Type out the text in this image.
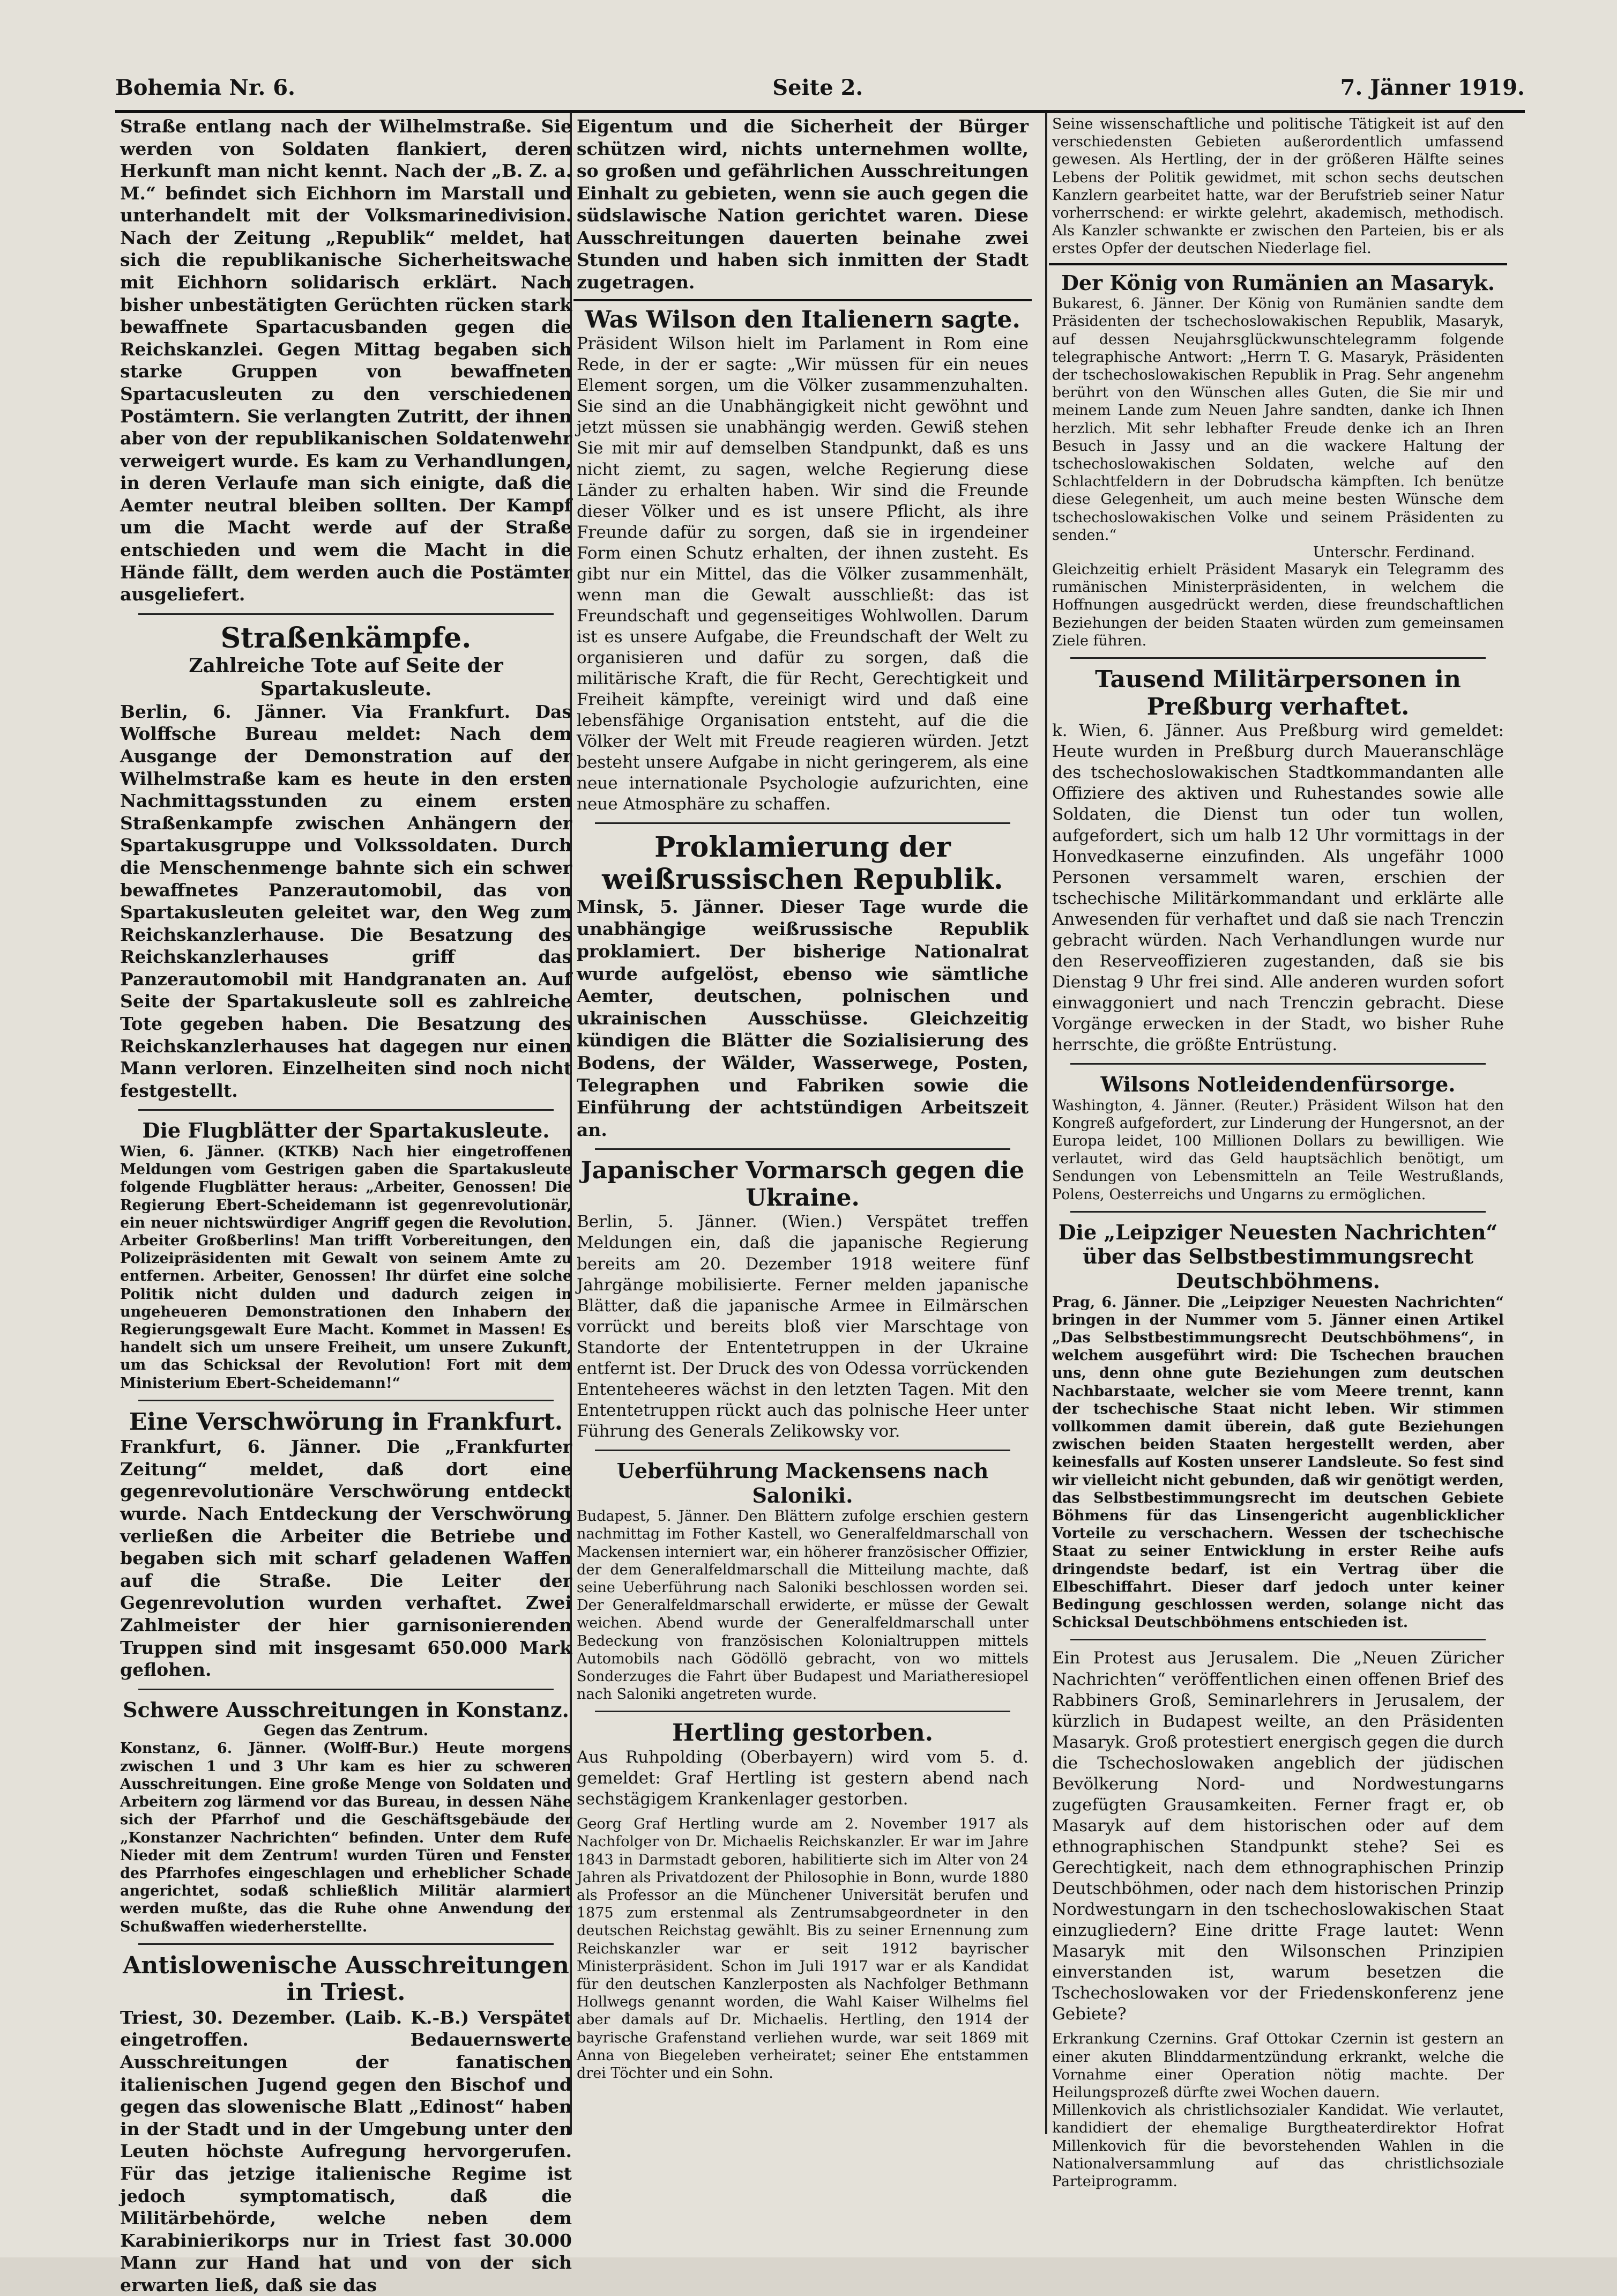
Bohemia Nr. 6.	Seite 2.	7. Jänner 1919.

Straße entlang nach der Wilhelmstraße. Sie werden von Soldaten flankiert, deren Herkunft man nicht kennt. Nach der „B. Z. a. M.“ befindet sich Eichhorn im Marstall und unterhandelt mit der Volksmarinedivision. Nach der Zeitung „Republik“ meldet, hat sich die republikanische Sicherheitswache mit Eichhorn solidarisch erklärt. Nach bisher unbestätigten Gerüchten rücken stark bewaffnete Spartacusbanden gegen die Reichskanzlei. Gegen Mittag begaben sich starke Gruppen von bewaffneten Spartacusleuten zu den verschiedenen Postämtern. Sie verlangten Zutritt, der ihnen aber von der republikanischen Soldatenwehr verweigert wurde. Es kam zu Verhandlungen, in deren Verlaufe man sich einigte, daß die Aemter neutral bleiben sollten. Der Kampf um die Macht werde auf der Straße entschieden und wem die Macht in die Hände fällt, dem werden auch die Postämter ausgeliefert.

Straßenkämpfe.
Zahlreiche Tote auf Seite der Spartakusleute.

Berlin, 6. Jänner. Via Frankfurt. Das Wolffsche Bureau meldet: Nach dem Ausgange der Demonstration auf der Wilhelmstraße kam es heute in den ersten Nachmittagsstunden zu einem ersten Straßenkampfe zwischen Anhängern der Spartakusgruppe und Volkssoldaten. Durch die Menschenmenge bahnte sich ein schwer bewaffnetes Panzerautomobil, das von Spartakusleuten geleitet war, den Weg zum Reichskanzlerhause. Die Besatzung des Reichskanzlerhauses griff das Panzerautomobil mit Handgranaten an. Auf Seite der Spartakusleute soll es zahlreiche Tote gegeben haben. Die Besatzung des Reichskanzlerhauses hat dagegen nur einen Mann verloren. Einzelheiten sind noch nicht festgestellt.

Die Flugblätter der Spartakusleute.

Wien, 6. Jänner. (KTKB) Nach hier eingetroffenen Meldungen vom Gestrigen gaben die Spartakusleute folgende Flugblätter heraus: „Arbeiter, Genossen! Die Regierung Ebert-Scheidemann ist gegenrevolutionär, ein neuer nichtswürdiger Angriff gegen die Revolution. Arbeiter Großberlins! Man trifft Vorbereitungen, den Polizeipräsidenten mit Gewalt von seinem Amte zu entfernen. Arbeiter, Genossen! Ihr dürfet eine solche Politik nicht dulden und dadurch zeigen in ungeheueren Demonstrationen den Inhabern der Regierungsgewalt Eure Macht. Kommet in Massen! Es handelt sich um unsere Freiheit, um unsere Zukunft, um das Schicksal der Revolution! Fort mit dem Ministerium Ebert-Scheidemann!“

Eine Verschwörung in Frankfurt.

Frankfurt, 6. Jänner. Die „Frankfurter Zeitung“ meldet, daß dort eine gegenrevolutionäre Verschwörung entdeckt wurde. Nach Entdeckung der Verschwörung verließen die Arbeiter die Betriebe und begaben sich mit scharf geladenen Waffen auf die Straße. Die Leiter der Gegenrevolution wurden verhaftet. Zwei Zahlmeister der hier garnisonierenden Truppen sind mit insgesamt 650.000 Mark geflohen.

Schwere Ausschreitungen in Konstanz.
Gegen das Zentrum.

Konstanz, 6. Jänner. (Wolff-Bur.) Heute morgens zwischen 1 und 3 Uhr kam es hier zu schweren Ausschreitungen. Eine große Menge von Soldaten und Arbeitern zog lärmend vor das Bureau, in dessen Nähe sich der Pfarrhof und die Geschäftsgebäude der „Konstanzer Nachrichten“ befinden. Unter dem Rufe Nieder mit dem Zentrum! wurden Türen und Fenster des Pfarrhofes eingeschlagen und erheblicher Schade angerichtet, sodaß schließlich Militär alarmiert werden mußte, das die Ruhe ohne Anwendung der Schußwaffen wiederherstellte.

Antislowenische Ausschreitungen in Triest.

Triest, 30. Dezember. (Laib. K.-B.) Verspätet eingetroffen. Bedauernswerte Ausschreitungen der fanatischen italienischen Jugend gegen den Bischof und gegen das slowenische Blatt „Edinost“ haben in der Stadt und in der Umgebung unter den Leuten höchste Aufregung hervorgerufen. Für das jetzige italienische Regime ist jedoch symptomatisch, daß die Militärbehörde, welche neben dem Karabinierikorps nur in Triest fast 30.000 Mann zur Hand hat und von der sich erwarten ließ, daß sie das

Eigentum und die Sicherheit der Bürger schützen wird, nichts unternehmen wollte, so großen und gefährlichen Ausschreitungen Einhalt zu gebieten, wenn sie auch gegen die südslawische Nation gerichtet waren. Diese Ausschreitungen dauerten beinahe zwei Stunden und haben sich inmitten der Stadt zugetragen.

Was Wilson den Italienern sagte.

Präsident Wilson hielt im Parlament in Rom eine Rede, in der er sagte: „Wir müssen für ein neues Element sorgen, um die Völker zusammenzuhalten. Sie sind an die Unabhängigkeit nicht gewöhnt und jetzt müssen sie unabhängig werden. Gewiß stehen Sie mit mir auf demselben Standpunkt, daß es uns nicht ziemt, zu sagen, welche Regierung diese Länder zu erhalten haben. Wir sind die Freunde dieser Völker und es ist unsere Pflicht, als ihre Freunde dafür zu sorgen, daß sie in irgendeiner Form einen Schutz erhalten, der ihnen zusteht. Es gibt nur ein Mittel, das die Völker zusammenhält, wenn man die Gewalt ausschließt: das ist Freundschaft und gegenseitiges Wohlwollen. Darum ist es unsere Aufgabe, die Freundschaft der Welt zu organisieren und dafür zu sorgen, daß die militärische Kraft, die für Recht, Gerechtigkeit und Freiheit kämpfte, vereinigt wird und daß eine lebensfähige Organisation entsteht, auf die die Völker der Welt mit Freude reagieren würden. Jetzt besteht unsere Aufgabe in nicht geringerem, als eine neue internationale Psychologie aufzurichten, eine neue Atmosphäre zu schaffen.

Proklamierung der weißrussischen Republik.

Minsk, 5. Jänner. Dieser Tage wurde die unabhängige weißrussische Republik proklamiert. Der bisherige Nationalrat wurde aufgelöst, ebenso wie sämtliche Aemter, deutschen, polnischen und ukrainischen Ausschüsse. Gleichzeitig kündigen die Blätter die Sozialisierung des Bodens, der Wälder, Wasserwege, Posten, Telegraphen und Fabriken sowie die Einführung der achtstündigen Arbeitszeit an.

Japanischer Vormarsch gegen die Ukraine.

Berlin, 5. Jänner. (Wien.) Verspätet treffen Meldungen ein, daß die japanische Regierung bereits am 20. Dezember 1918 weitere fünf Jahrgänge mobilisierte. Ferner melden japanische Blätter, daß die japanische Armee in Eilmärschen vorrückt und bereits bloß vier Marschtage von Standorte der Ententetruppen in der Ukraine entfernt ist. Der Druck des von Odessa vorrückenden Ententeheeres wächst in den letzten Tagen. Mit den Ententetruppen rückt auch das polnische Heer unter Führung des Generals Zelikowsky vor.

Ueberführung Mackensens nach Saloniki.

Budapest, 5. Jänner. Den Blättern zufolge erschien gestern nachmittag im Fother Kastell, wo Generalfeldmarschall von Mackensen interniert war, ein höherer französischer Offizier, der dem Generalfeldmarschall die Mitteilung machte, daß seine Ueberführung nach Saloniki beschlossen worden sei. Der Generalfeldmarschall erwiderte, er müsse der Gewalt weichen. Abend wurde der Generalfeldmarschall unter Bedeckung von französischen Kolonialtruppen mittels Automobils nach Gödöllö gebracht, von wo mittels Sonderzuges die Fahrt über Budapest und Mariatheresiopel nach Saloniki angetreten wurde.

Hertling gestorben.

Aus Ruhpolding (Oberbayern) wird vom 5. d. gemeldet: Graf Hertling ist gestern abend nach sechstägigem Krankenlager gestorben.

Georg Graf Hertling wurde am 2. November 1917 als Nachfolger von Dr. Michaelis Reichskanzler. Er war im Jahre 1843 in Darmstadt geboren, habilitierte sich im Alter von 24 Jahren als Privatdozent der Philosophie in Bonn, wurde 1880 als Professor an die Münchener Universität berufen und 1875 zum erstenmal als Zentrumsabgeordneter in den deutschen Reichstag gewählt. Bis zu seiner Ernennung zum Reichskanzler war er seit 1912 bayrischer Ministerpräsident. Schon im Juli 1917 war er als Kandidat für den deutschen Kanzlerposten als Nachfolger Bethmann Hollwegs genannt worden, die Wahl Kaiser Wilhelms fiel aber damals auf Dr. Michaelis. Hertling, den 1914 der bayrische Grafenstand verliehen wurde, war seit 1869 mit Anna von Biegeleben verheiratet; seiner Ehe entstammen drei Töchter und ein Sohn.

Seine wissenschaftliche und politische Tätigkeit ist auf den verschiedensten Gebieten außerordentlich umfassend gewesen. Als Hertling, der in der größeren Hälfte seines Lebens der Politik gewidmet, mit schon sechs deutschen Kanzlern gearbeitet hatte, war der Berufstrieb seiner Natur vorherrschend: er wirkte gelehrt, akademisch, methodisch. Als Kanzler schwankte er zwischen den Parteien, bis er als erstes Opfer der deutschen Niederlage fiel.

Der König von Rumänien an Masaryk.

Bukarest, 6. Jänner. Der König von Rumänien sandte dem Präsidenten der tschechoslowakischen Republik, Masaryk, auf dessen Neujahrsglückwunschtelegramm folgende telegraphische Antwort: „Herrn T. G. Masaryk, Präsidenten der tschechoslowakischen Republik in Prag. Sehr angenehm berührt von den Wünschen alles Guten, die Sie mir und meinem Lande zum Neuen Jahre sandten, danke ich Ihnen herzlich. Mit sehr lebhafter Freude denke ich an Ihren Besuch in Jassy und an die wackere Haltung der tschechoslowakischen Soldaten, welche auf den Schlachtfeldern in der Dobrudscha kämpften. Ich benütze diese Gelegenheit, um auch meine besten Wünsche dem tschechoslowakischen Volke und seinem Präsidenten zu senden.“

Unterschr. Ferdinand.

Gleichzeitig erhielt Präsident Masaryk ein Telegramm des rumänischen Ministerpräsidenten, in welchem die Hoffnungen ausgedrückt werden, diese freundschaftlichen Beziehungen der beiden Staaten würden zum gemeinsamen Ziele führen.

Tausend Militärpersonen in Preßburg verhaftet.

k. Wien, 6. Jänner. Aus Preßburg wird gemeldet: Heute wurden in Preßburg durch Maueranschläge des tschechoslowakischen Stadtkommandanten alle Offiziere des aktiven und Ruhestandes sowie alle Soldaten, die Dienst tun oder tun wollen, aufgefordert, sich um halb 12 Uhr vormittags in der Honvedkaserne einzufinden. Als ungefähr 1000 Personen versammelt waren, erschien der tschechische Militärkommandant und erklärte alle Anwesenden für verhaftet und daß sie nach Trenczin gebracht würden. Nach Verhandlungen wurde nur den Reserveoffizieren zugestanden, daß sie bis Dienstag 9 Uhr frei sind. Alle anderen wurden sofort einwaggoniert und nach Trenczin gebracht. Diese Vorgänge erwecken in der Stadt, wo bisher Ruhe herrschte, die größte Entrüstung.

Wilsons Notleidendenfürsorge.

Washington, 4. Jänner. (Reuter.) Präsident Wilson hat den Kongreß aufgefordert, zur Linderung der Hungersnot, an der Europa leidet, 100 Millionen Dollars zu bewilligen. Wie verlautet, wird das Geld hauptsächlich benötigt, um Sendungen von Lebensmitteln an Teile Westrußlands, Polens, Oesterreichs und Ungarns zu ermöglichen.

Die „Leipziger Neuesten Nachrichten“ über das Selbstbestimmungsrecht Deutschböhmens.

Prag, 6. Jänner. Die „Leipziger Neuesten Nachrichten“ bringen in der Nummer vom 5. Jänner einen Artikel „Das Selbstbestimmungsrecht Deutschböhmens“, in welchem ausgeführt wird: Die Tschechen brauchen uns, denn ohne gute Beziehungen zum deutschen Nachbarstaate, welcher sie vom Meere trennt, kann der tschechische Staat nicht leben. Wir stimmen vollkommen damit überein, daß gute Beziehungen zwischen beiden Staaten hergestellt werden, aber keinesfalls auf Kosten unserer Landsleute. So fest sind wir vielleicht nicht gebunden, daß wir genötigt werden, das Selbstbestimmungsrecht im deutschen Gebiete Böhmens für das Linsengericht augenblicklicher Vorteile zu verschachern. Wessen der tschechische Staat zu seiner Entwicklung in erster Reihe aufs dringendste bedarf, ist ein Vertrag über die Elbeschiffahrt. Dieser darf jedoch unter keiner Bedingung geschlossen werden, solange nicht das Schicksal Deutschböhmens entschieden ist.

Ein Protest aus Jerusalem. Die „Neuen Züricher Nachrichten“ veröffentlichen einen offenen Brief des Rabbiners Groß, Seminarlehrers in Jerusalem, der kürzlich in Budapest weilte, an den Präsidenten Masaryk. Groß protestiert energisch gegen die durch die Tschechoslowaken angeblich der jüdischen Bevölkerung Nord- und Nordwestungarns zugefügten Grausamkeiten. Ferner fragt er, ob Masaryk auf dem historischen oder auf dem ethnographischen Standpunkt stehe? Sei es Gerechtigkeit, nach dem ethnographischen Prinzip Deutschböhmen, oder nach dem historischen Prinzip Nordwestungarn in den tschechoslowakischen Staat einzugliedern? Eine dritte Frage lautet: Wenn Masaryk mit den Wilsonschen Prinzipien einverstanden ist, warum besetzen die Tschechoslowaken vor der Friedenskonferenz jene Gebiete?

Erkrankung Czernins. Graf Ottokar Czernin ist gestern an einer akuten Blinddarmentzündung erkrankt, welche die Vornahme einer Operation nötig machte. Der Heilungsprozeß dürfte zwei Wochen dauern.

Millenkovich als christlichsozialer Kandidat. Wie verlautet, kandidiert der ehemalige Burgtheaterdirektor Hofrat Millenkovich für die bevorstehenden Wahlen in die Nationalversammlung auf das christlichsoziale Parteiprogramm.
